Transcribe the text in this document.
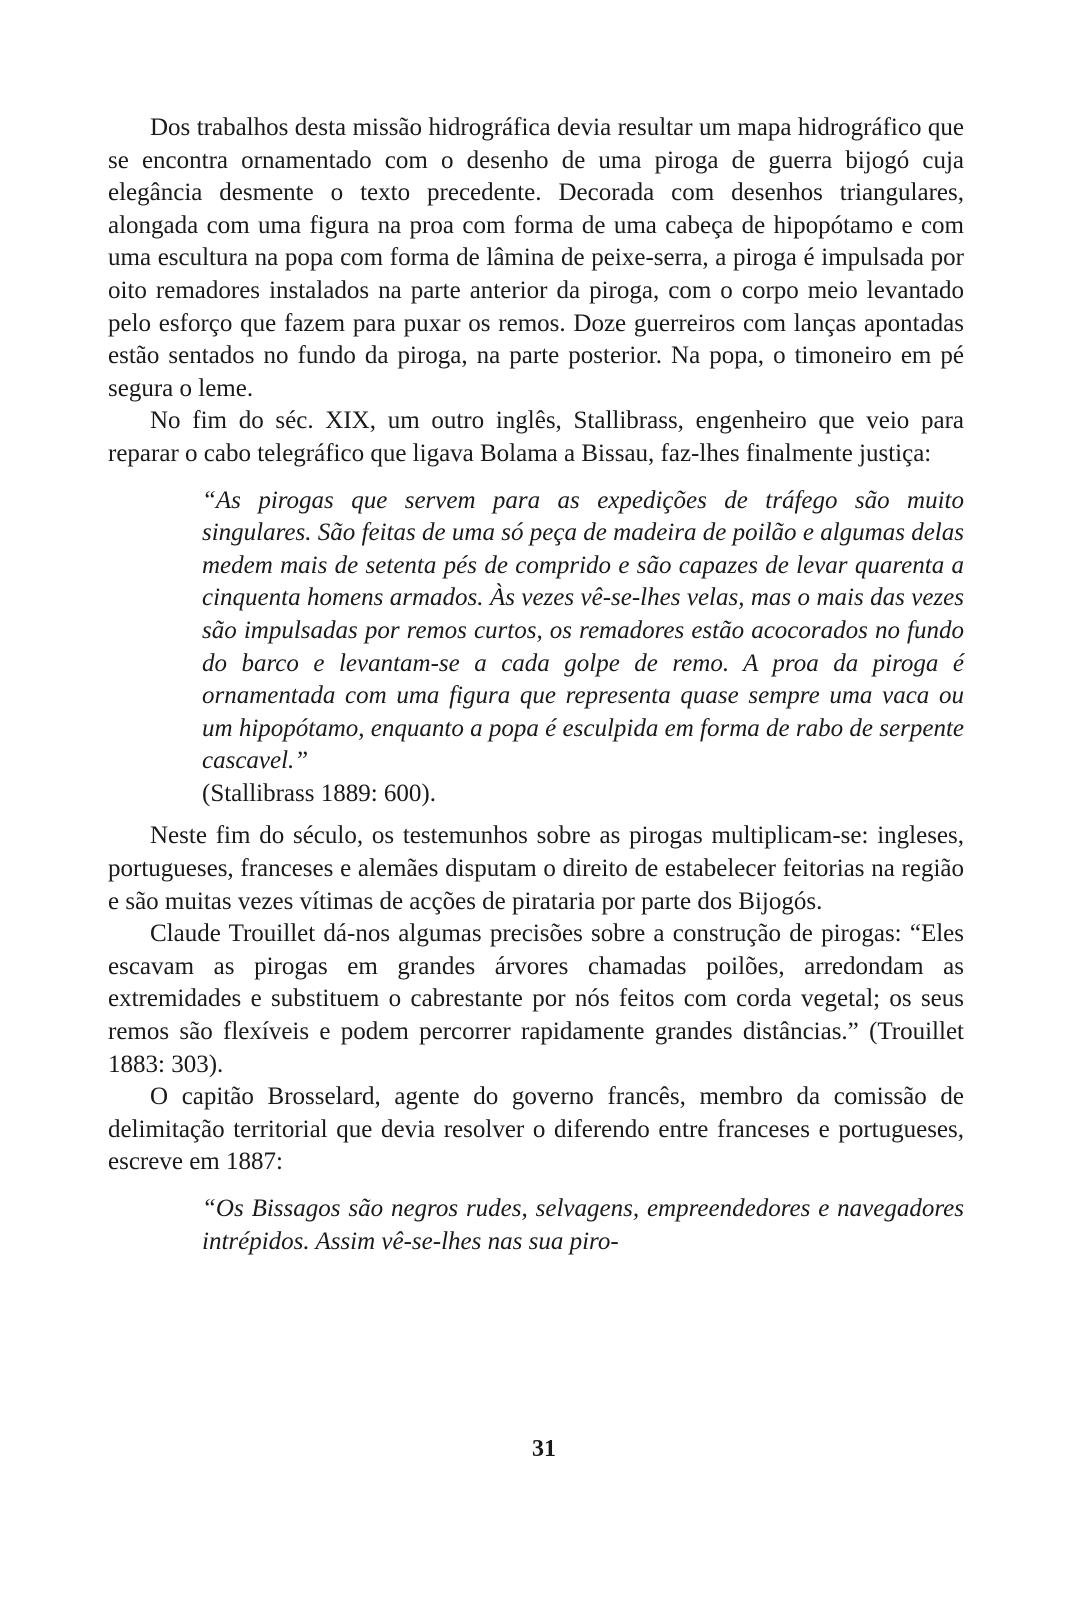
Dos trabalhos desta missão hidrográfica devia resultar um mapa hidrográfico que se encontra ornamentado com o desenho de uma piroga de guerra bijogó cuja elegância desmente o texto precedente. Decorada com desenhos triangulares, alongada com uma figura na proa com forma de uma cabeça de hipopótamo e com uma escultura na popa com forma de lâmina de peixe-serra, a piroga é impulsada por oito remadores instalados na parte anterior da piroga, com o corpo meio levantado pelo esforço que fazem para puxar os remos. Doze guerreiros com lanças apontadas estão sentados no fundo da piroga, na parte posterior. Na popa, o timoneiro em pé segura o leme.

No fim do séc. XIX, um outro inglês, Stallibrass, engenheiro que veio para reparar o cabo telegráfico que ligava Bolama a Bissau, faz-lhes finalmente justiça:

“As pirogas que servem para as expedições de tráfego são muito singulares. São feitas de uma só peça de madeira de poilão e algumas delas medem mais de setenta pés de comprido e são capazes de levar quarenta a cinquenta homens armados. Às vezes vê-se-lhes velas, mas o mais das vezes são impulsadas por remos curtos, os remadores estão acocorados no fundo do barco e levantam-se a cada golpe de remo. A proa da piroga é ornamentada com uma figura que representa quase sempre uma vaca ou um hipopótamo, enquanto a popa é esculpida em forma de rabo de serpente cascavel.”

(Stallibrass 1889: 600).

Neste fim do século, os testemunhos sobre as pirogas multiplicam-se: ingleses, portugueses, franceses e alemães disputam o direito de estabelecer feitorias na região e são muitas vezes vítimas de acções de pirataria por parte dos Bijogós.

Claude Trouillet dá-nos algumas precisões sobre a construção de pirogas: “Eles escavam as pirogas em grandes árvores chamadas poilões, arredondam as extremidades e substituem o cabrestante por nós feitos com corda vegetal; os seus remos são flexíveis e podem percorrer rapidamente grandes distâncias.” (Trouillet 1883: 303).

O capitão Brosselard, agente do governo francês, membro da comissão de delimitação territorial que devia resolver o diferendo entre franceses e portugueses, escreve em 1887:

“Os Bissagos são negros rudes, selvagens, empreendedores e navegadores intrépidos. Assim vê-se-lhes nas sua piro-

31
